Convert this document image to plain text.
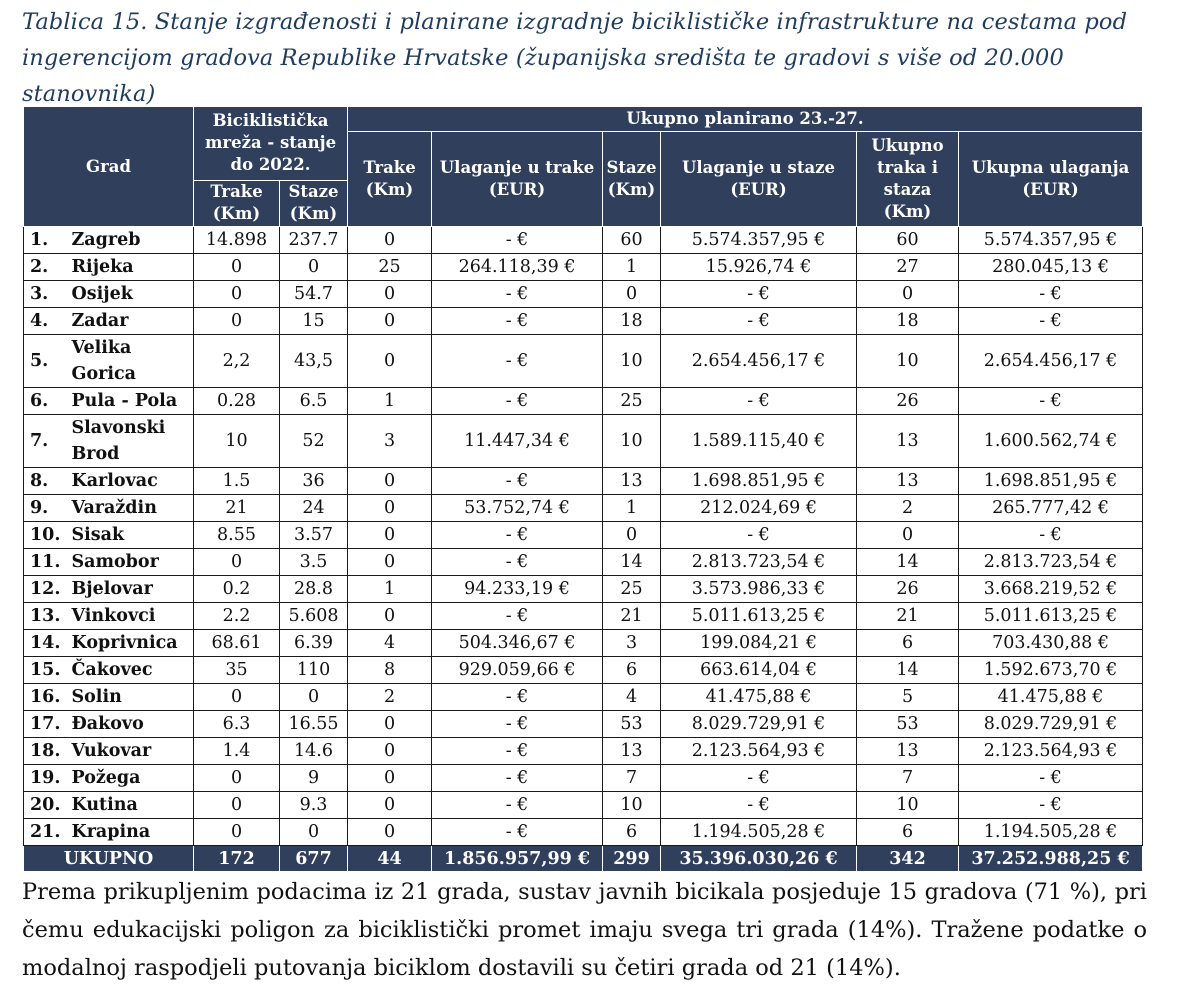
Tablica 15. Stanje izgrađenosti i planirane izgradnje biciklističke infrastrukture na cestama pod ingerencijom gradova Republike Hrvatske (županijska središta te gradovi s više od 20.000 stanovnika)
Grad		Biciklistička mreža - stanje do 2022.		Ukupno planirano 23.-27.					
				Trake (Km)	Ulaganje u trake (EUR)	Staze (Km)	Ulaganje u staze (EUR)	Ukupno traka i staza (Km)	Ukupna ulaganja (EUR)
		Trake (Km)	Staze (Km)						
1.	Zagreb	14.898	237.7	0	- €	60	5.574.357,95 €	60	5.574.357,95 €
2.	Rijeka	0	0	25	264.118,39 €	1	15.926,74 €	27	280.045,13 €
3.	Osijek	0	54.7	0	- €	0	- €	0	- €
4.	Zadar	0	15	0	- €	18	- €	18	- €
5.	Velika Gorica	2,2	43,5	0	- €	10	2.654.456,17 €	10	2.654.456,17 €
6.	Pula - Pola	0.28	6.5	1	- €	25	- €	26	- €
7.	Slavonski Brod	10	52	3	11.447,34 €	10	1.589.115,40 €	13	1.600.562,74 €
8.	Karlovac	1.5	36	0	- €	13	1.698.851,95 €	13	1.698.851,95 €
9.	Varaždin	21	24	0	53.752,74 €	1	212.024,69 €	2	265.777,42 €
10.	Sisak	8.55	3.57	0	- €	0	- €	0	- €
11.	Samobor	0	3.5	0	- €	14	2.813.723,54 €	14	2.813.723,54 €
12.	Bjelovar	0.2	28.8	1	94.233,19 €	25	3.573.986,33 €	26	3.668.219,52 €
13.	Vinkovci	2.2	5.608	0	- €	21	5.011.613,25 €	21	5.011.613,25 €
14.	Koprivnica	68.61	6.39	4	504.346,67 €	3	199.084,21 €	6	703.430,88 €
15.	Čakovec	35	110	8	929.059,66 €	6	663.614,04 €	14	1.592.673,70 €
16.	Solin	0	0	2	- €	4	41.475,88 €	5	41.475,88 €
17.	Đakovo	6.3	16.55	0	- €	53	8.029.729,91 €	53	8.029.729,91 €
18.	Vukovar	1.4	14.6	0	- €	13	2.123.564,93 €	13	2.123.564,93 €
19.	Požega	0	9	0	- €	7	- €	7	- €
20.	Kutina	0	9.3	0	- €	10	- €	10	- €
21.	Krapina	0	0	0	- €	6	1.194.505,28 €	6	1.194.505,28 €
UKUPNO		172	677	44	1.856.957,99 €	299	35.396.030,26 €	342	37.252.988,25 €
Prema prikupljenim podacima iz 21 grada, sustav javnih bicikala posjeduje 15 gradova (71 %), pri čemu edukacijski poligon za biciklistički promet imaju svega tri grada (14%). Tražene podatke o modalnoj raspodjeli putovanja biciklom dostavili su četiri grada od 21 (14%).
